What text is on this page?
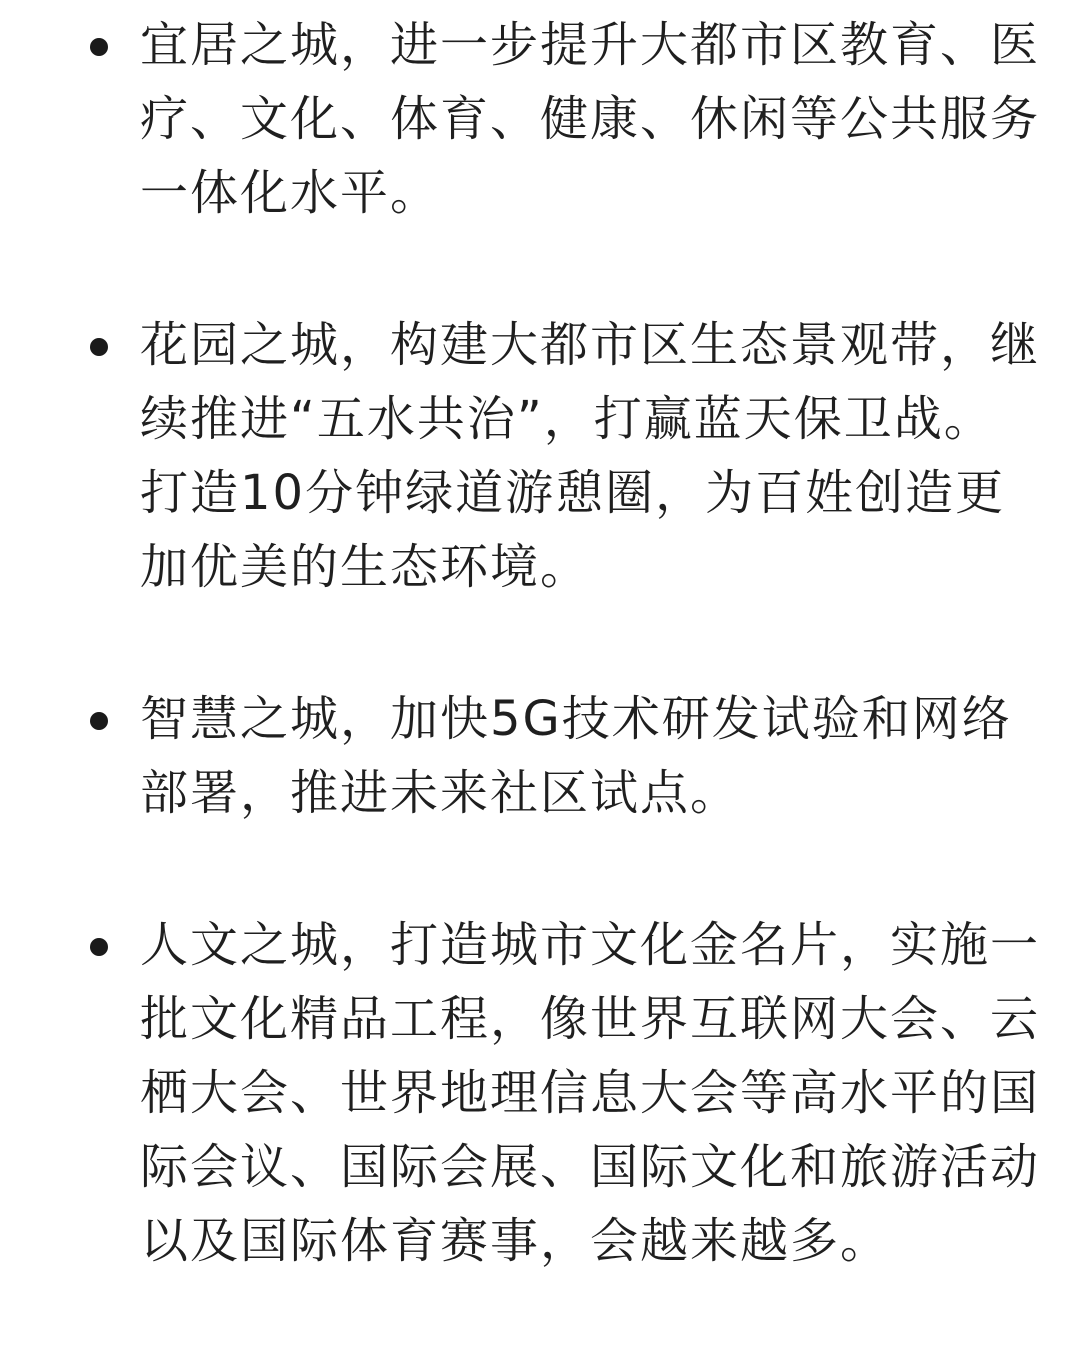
宜居之城，进一步提升大都市区教育、医疗、文化、体育、健康、休闲等公共服务一体化水平。

花园之城，构建大都市区生态景观带，继续推进“五水共治”，打赢蓝天保卫战。打造10分钟绿道游憩圈，为百姓创造更加优美的生态环境。

智慧之城，加快5G技术研发试验和网络部署，推进未来社区试点。

人文之城，打造城市文化金名片，实施一批文化精品工程，像世界互联网大会、云栖大会、世界地理信息大会等高水平的国际会议、国际会展、国际文化和旅游活动以及国际体育赛事，会越来越多。
